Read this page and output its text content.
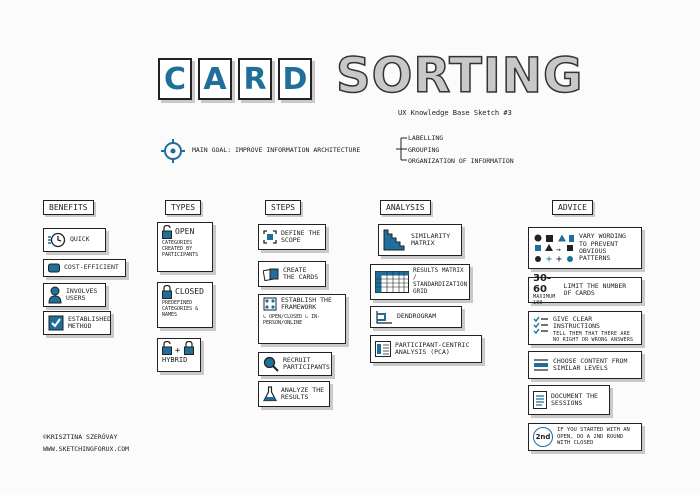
C A R D SORTING
UX Knowledge Base Sketch #3
MAIN GOAL: IMPROVE INFORMATION ARCHITECTURE
LABELLING
GROUPING
ORGANIZATION OF INFORMATION
BENEFITS
QUICK
COST-EFFICIENT
INVOLVES USERS
ESTABLISHED METHOD
TYPES
OPEN
CATEGORIES CREATED BY PARTICIPANTS
CLOSED
PREDEFINED CATEGORIES & NAMES
+
HYBRID
STEPS
DEFINE THE SCOPE
CREATE THE CARDS
ESTABLISH THE FRAMEWORK
↳ OPEN/CLOSED ↳ IN-PERSON/ONLINE
RECRUIT PARTICIPANTS
ANALYZE THE RESULTS
ANALYSIS
SIMILARITY MATRIX
RESULTS MATRIX / STANDARDIZATION GRID
DENDROGRAM
PARTICIPANT-CENTRIC ANALYSIS (PCA)
ADVICE
→
+ +
VARY WORDING TO PREVENT OBVIOUS PATTERNS
30-60
MAXIMUM 100
LIMIT THE NUMBER OF CARDS
GIVE CLEAR INSTRUCTIONS
TELL THEM THAT THERE ARE NO RIGHT OR WRONG ANSWERS
CHOOSE CONTENT FROM SIMILAR LEVELS
DOCUMENT THE SESSIONS
2nd
IF YOU STARTED WITH AN OPEN, DO A 2ND ROUND WITH CLOSED
©KRISZTINA SZERÓVAY
WWW.SKETCHINGFORUX.COM
